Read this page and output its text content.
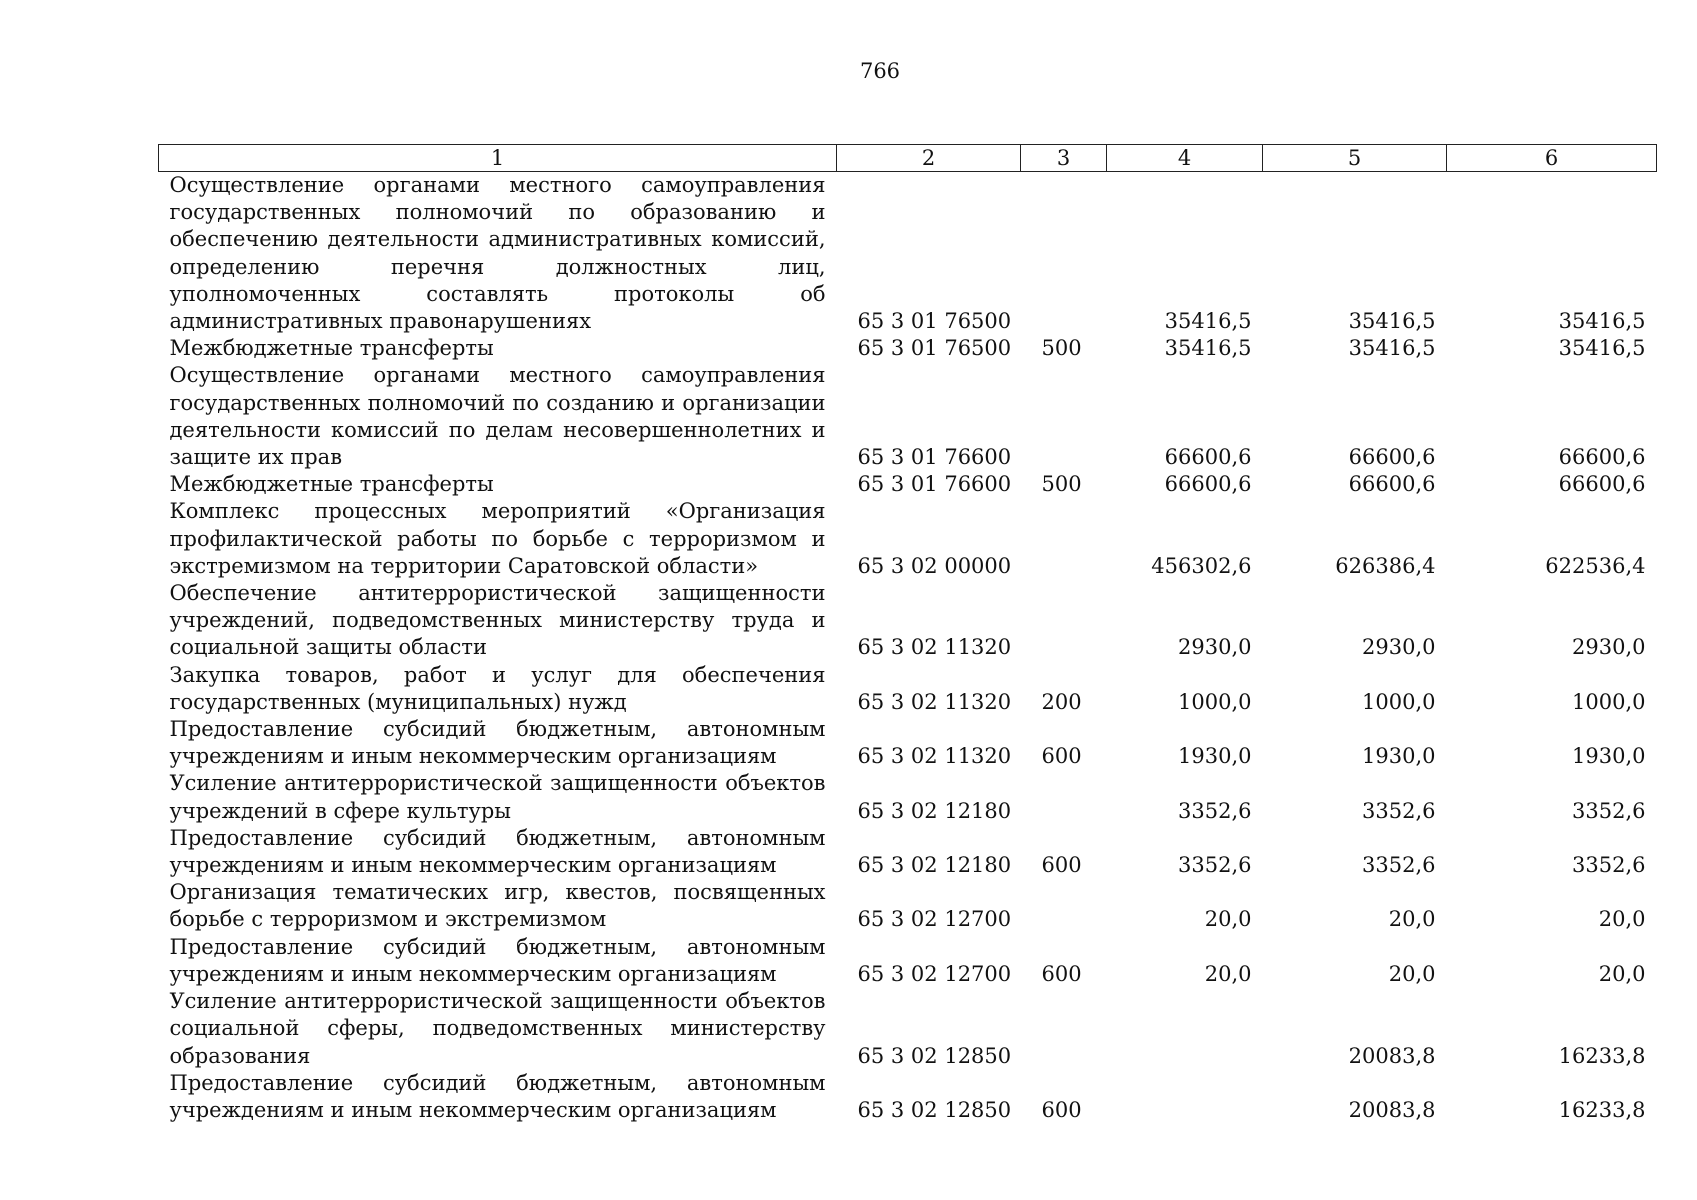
766
1	2	3	4	5	6
Осуществление органами местного самоуправления государственных полномочий по образованию и обеспечению деятельности административных комиссий, определению перечня должностных лиц, уполномоченных составлять протоколы об административных правонарушениях	65 3 01 76500		35416,5	35416,5	35416,5
Межбюджетные трансферты	65 3 01 76500	500	35416,5	35416,5	35416,5
Осуществление органами местного самоуправления государственных полномочий по созданию и организации деятельности комиссий по делам несовершеннолетних и защите их прав	65 3 01 76600		66600,6	66600,6	66600,6
Межбюджетные трансферты	65 3 01 76600	500	66600,6	66600,6	66600,6
Комплекс процессных мероприятий «Организация профилактической работы по борьбе с терроризмом и экстремизмом на территории Саратовской области»	65 3 02 00000		456302,6	626386,4	622536,4
Обеспечение антитеррористической защищенности учреждений, подведомственных министерству труда и социальной защиты области	65 3 02 11320		2930,0	2930,0	2930,0
Закупка товаров, работ и услуг для обеспечения государственных (муниципальных) нужд	65 3 02 11320	200	1000,0	1000,0	1000,0
Предоставление субсидий бюджетным, автономным учреждениям и иным некоммерческим организациям	65 3 02 11320	600	1930,0	1930,0	1930,0
Усиление антитеррористической защищенности объектов учреждений в сфере культуры	65 3 02 12180		3352,6	3352,6	3352,6
Предоставление субсидий бюджетным, автономным учреждениям и иным некоммерческим организациям	65 3 02 12180	600	3352,6	3352,6	3352,6
Организация тематических игр, квестов, посвященных борьбе с терроризмом и экстремизмом	65 3 02 12700		20,0	20,0	20,0
Предоставление субсидий бюджетным, автономным учреждениям и иным некоммерческим организациям	65 3 02 12700	600	20,0	20,0	20,0
Усиление антитеррористической защищенности объектов социальной сферы, подведомственных министерству образования	65 3 02 12850			20083,8	16233,8
Предоставление субсидий бюджетным, автономным учреждениям и иным некоммерческим организациям	65 3 02 12850	600		20083,8	16233,8
